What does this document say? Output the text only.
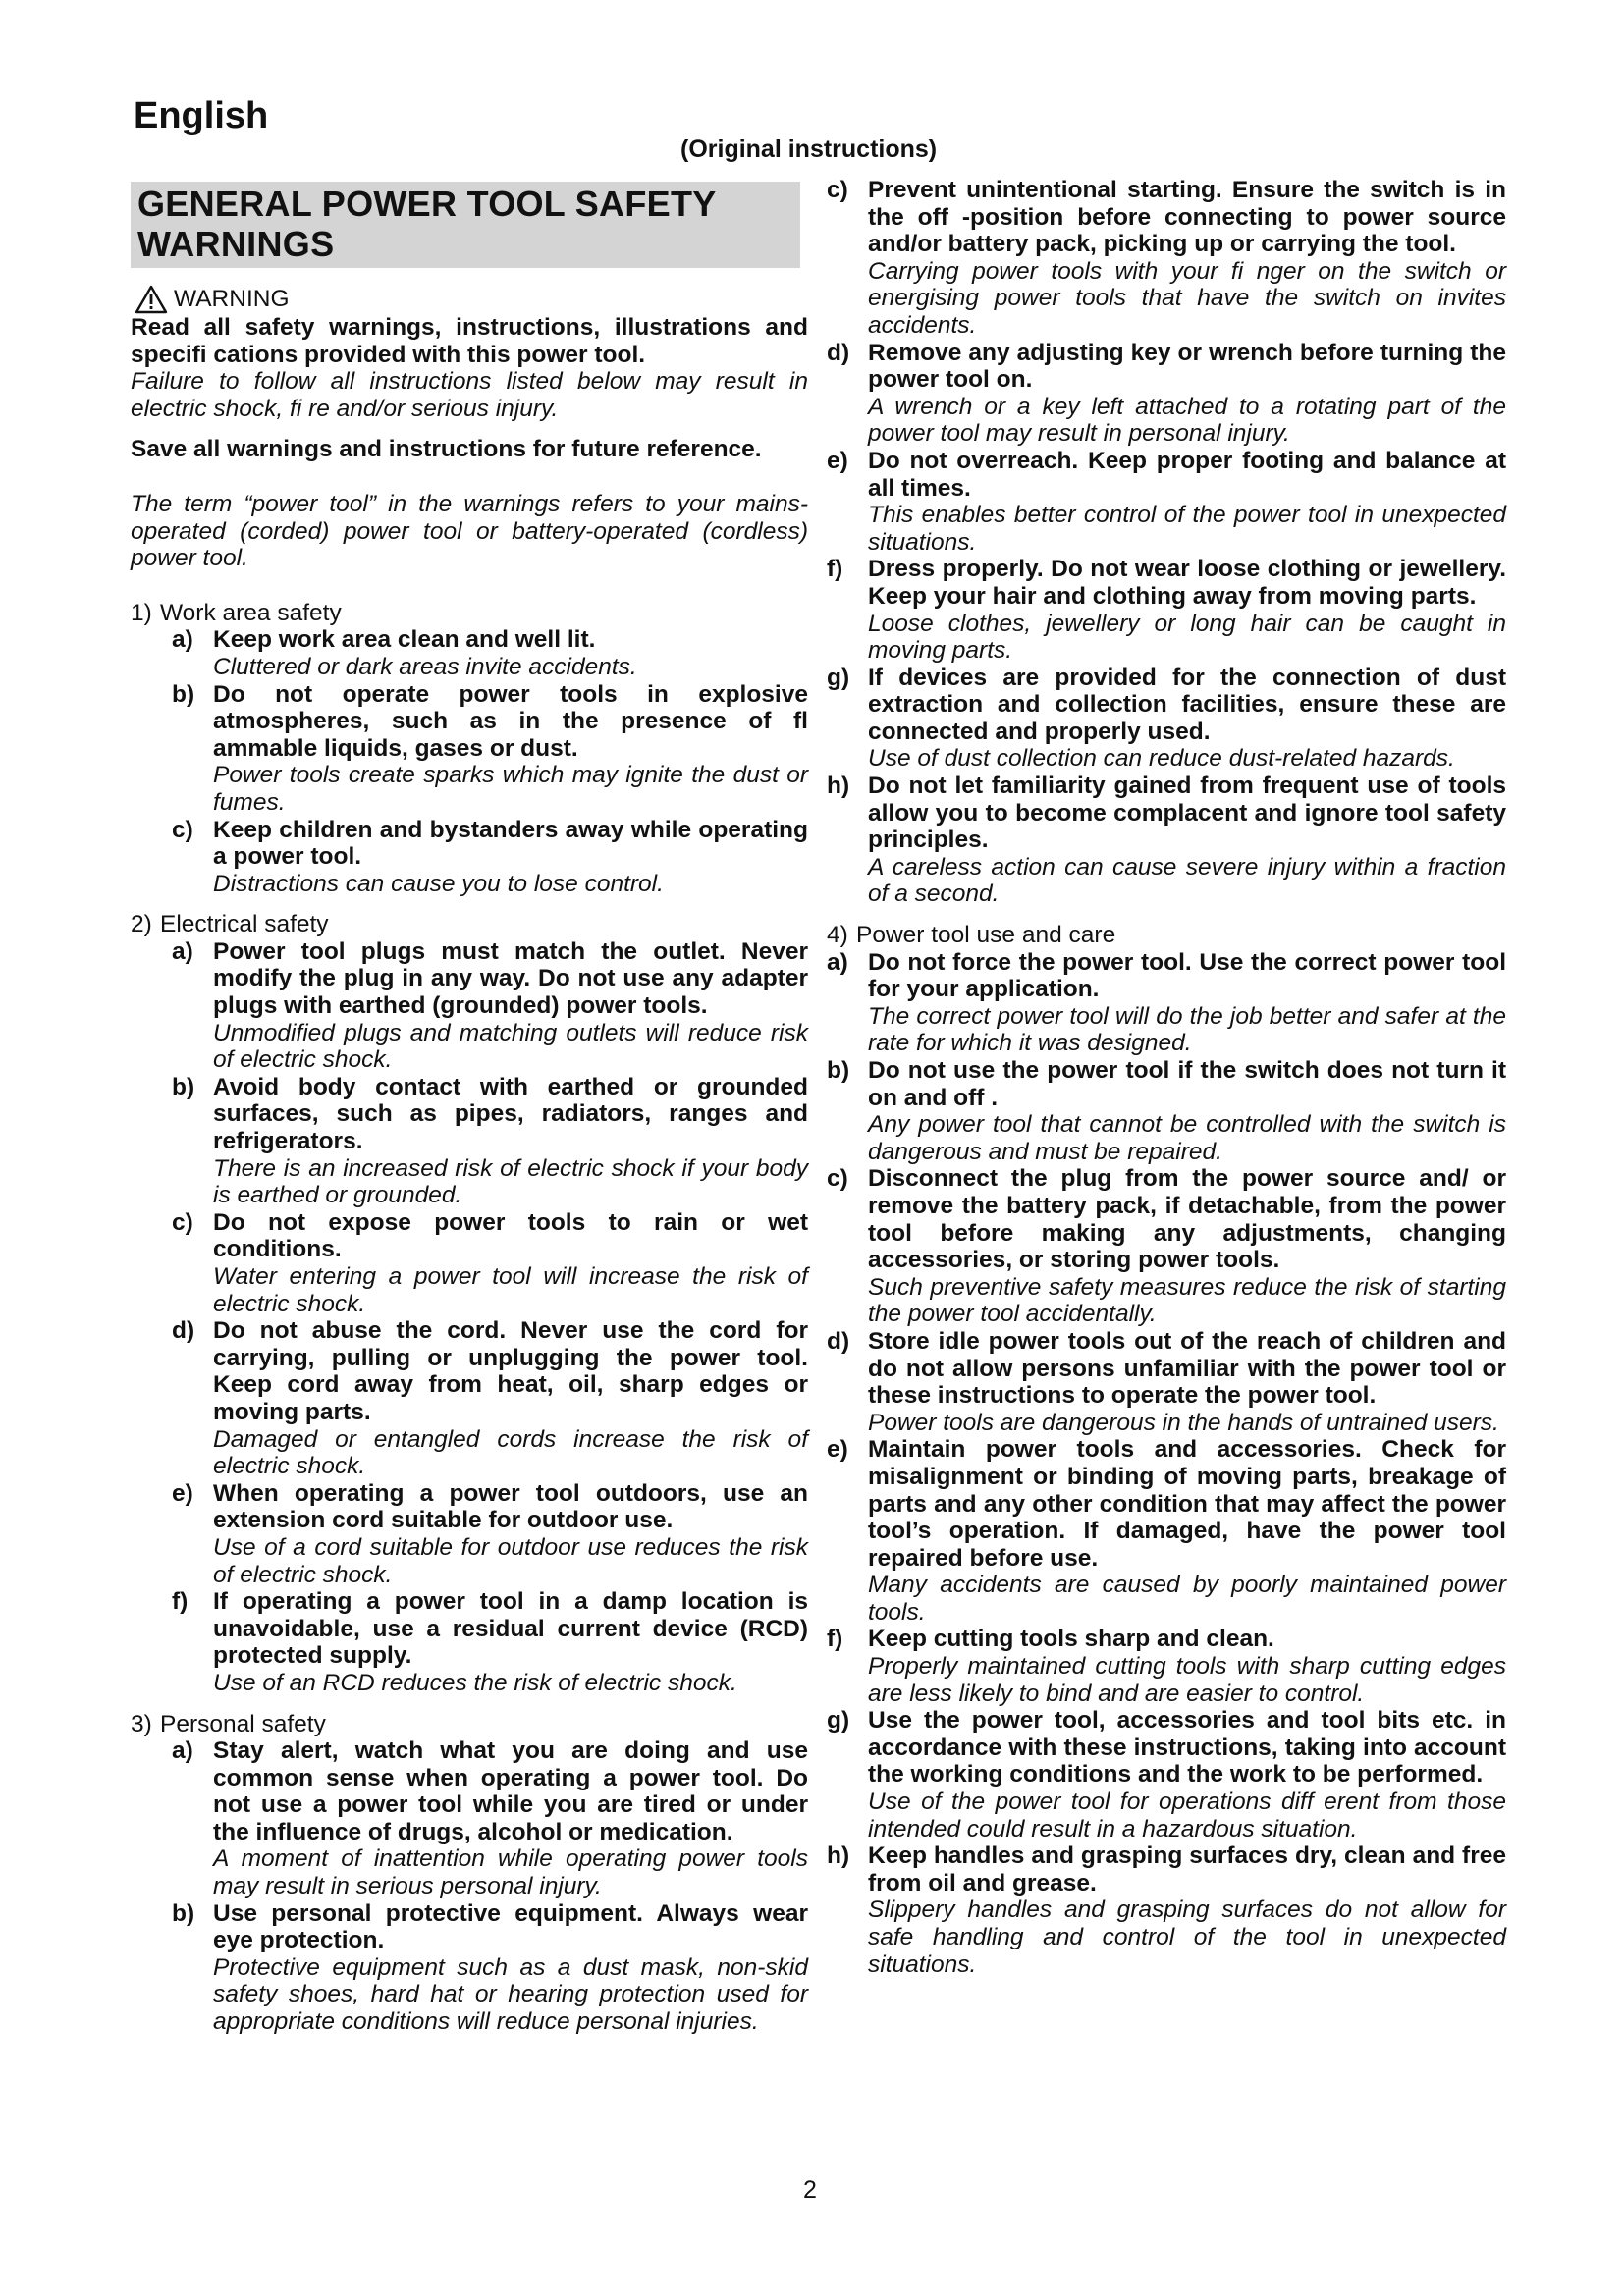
English
(Original instructions)
GENERAL POWER TOOL SAFETY WARNINGS
WARNING
Read all safety warnings, instructions, illustrations and specifi cations provided with this power tool.
Failure to follow all instructions listed below may result in electric shock, fi re and/or serious injury.
Save all warnings and instructions for future reference.
The term “power tool” in the warnings refers to your mains-operated (corded) power tool or battery-operated (cordless) power tool.
1) Work area safety
a) Keep work area clean and well lit.
Cluttered or dark areas invite accidents.
b) Do not operate power tools in explosive atmospheres, such as in the presence of fl ammable liquids, gases or dust.
Power tools create sparks which may ignite the dust or fumes.
c) Keep children and bystanders away while operating a power tool.
Distractions can cause you to lose control.
2) Electrical safety
a) Power tool plugs must match the outlet. Never modify the plug in any way. Do not use any adapter plugs with earthed (grounded) power tools.
Unmodified plugs and matching outlets will reduce risk of electric shock.
b) Avoid body contact with earthed or grounded surfaces, such as pipes, radiators, ranges and refrigerators.
There is an increased risk of electric shock if your body is earthed or grounded.
c) Do not expose power tools to rain or wet conditions.
Water entering a power tool will increase the risk of electric shock.
d) Do not abuse the cord. Never use the cord for carrying, pulling or unplugging the power tool. Keep cord away from heat, oil, sharp edges or moving parts.
Damaged or entangled cords increase the risk of electric shock.
e) When operating a power tool outdoors, use an extension cord suitable for outdoor use.
Use of a cord suitable for outdoor use reduces the risk of electric shock.
f)	If operating a power tool in a damp location is unavoidable, use a residual current device (RCD) protected supply.
Use of an RCD reduces the risk of electric shock.
3) Personal safety
a) Stay alert, watch what you are doing and use common sense when operating a power tool. Do not use a power tool while you are tired or under the influence of drugs, alcohol or medication.
A moment of inattention while operating power tools may result in serious personal injury.
b) Use personal protective equipment. Always wear eye protection.
Protective equipment such as a dust mask, non-skid safety shoes, hard hat or hearing protection used for appropriate conditions will reduce personal injuries.
c) Prevent unintentional starting. Ensure the switch is in the off -position before connecting to power source and/or battery pack, picking up or carrying the tool.
Carrying power tools with your fi nger on the switch or energising power tools that have the switch on invites accidents.
d) Remove any adjusting key or wrench before turning the power tool on.
A wrench or a key left attached to a rotating part of the power tool may result in personal injury.
e) Do not overreach. Keep proper footing and balance at all times.
This enables better control of the power tool in unexpected situations.
f)	Dress properly. Do not wear loose clothing or jewellery. Keep your hair and clothing away from moving parts.
Loose clothes, jewellery or long hair can be caught in moving parts.
g) If devices are provided for the connection of dust extraction and collection facilities, ensure these are connected and properly used.
Use of dust collection can reduce dust-related hazards.
h) Do not let familiarity gained from frequent use of tools allow you to become complacent and ignore tool safety principles.
A careless action can cause severe injury within a fraction of a second.
4) Power tool use and care
a) Do not force the power tool. Use the correct power tool for your application.
The correct power tool will do the job better and safer at the rate for which it was designed.
b) Do not use the power tool if the switch does not turn it on and off .
Any power tool that cannot be controlled with the switch is dangerous and must be repaired.
c) Disconnect the plug from the power source and/ or remove the battery pack, if detachable, from the power tool before making any adjustments, changing accessories, or storing power tools.
Such preventive safety measures reduce the risk of starting the power tool accidentally.
d) Store idle power tools out of the reach of children and do not allow persons unfamiliar with the power tool or these instructions to operate the power tool.
Power tools are dangerous in the hands of untrained users.
e) Maintain power tools and accessories. Check for misalignment or binding of moving parts, breakage of parts and any other condition that may affect the power tool’s operation. If damaged, have the power tool repaired before use.
Many accidents are caused by poorly maintained power tools.
f)	Keep cutting tools sharp and clean.
Properly maintained cutting tools with sharp cutting edges are less likely to bind and are easier to control.
g) Use the power tool, accessories and tool bits etc. in accordance with these instructions, taking into account the working conditions and the work to be performed.
Use of the power tool for operations diff erent from those intended could result in a hazardous situation.
h) Keep handles and grasping surfaces dry, clean and free from oil and grease.
Slippery handles and grasping surfaces do not allow for safe handling and control of the tool in unexpected situations.
2
